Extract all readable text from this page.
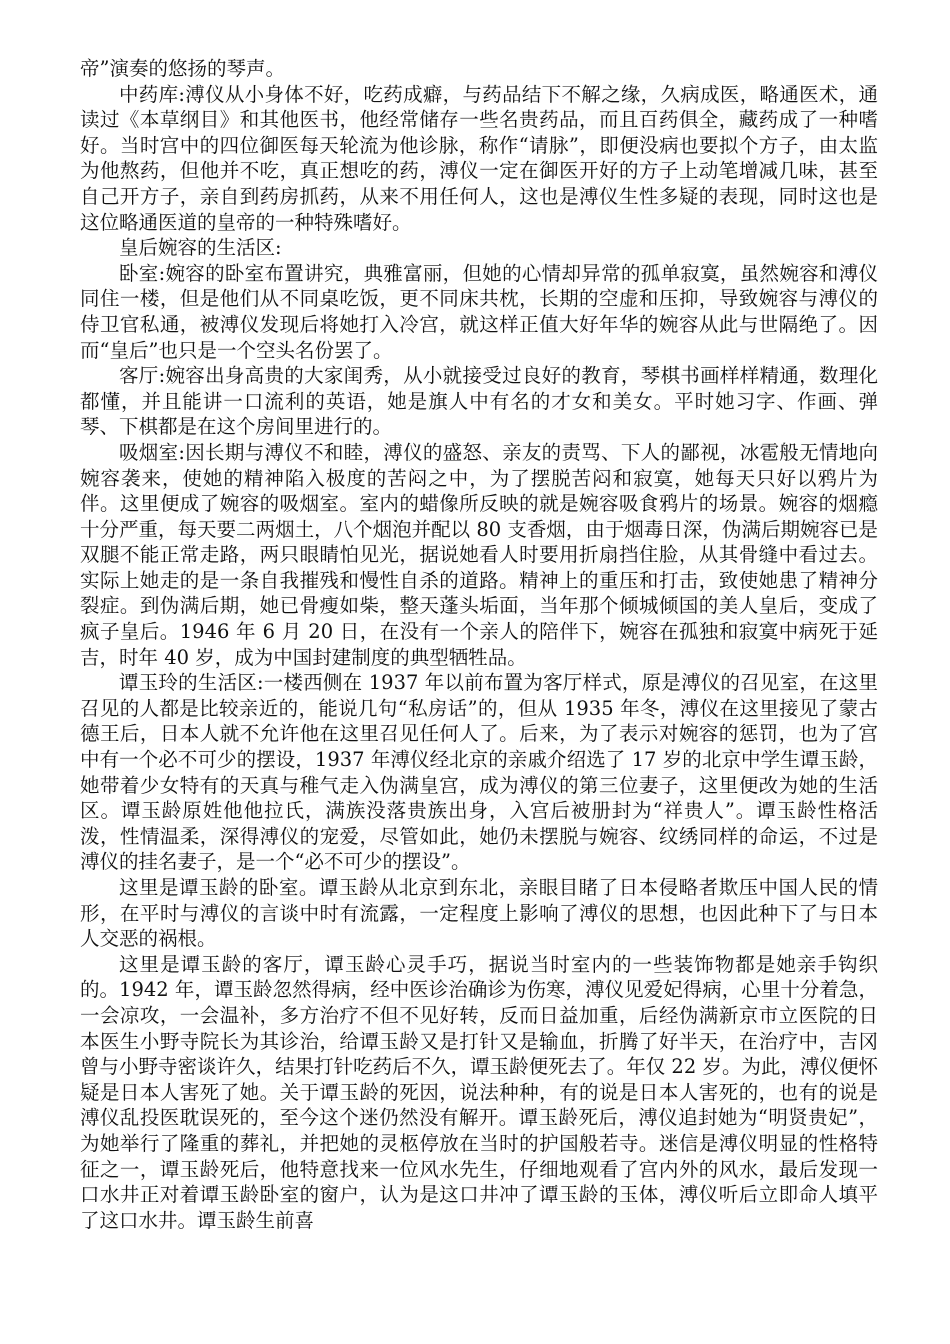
帝”演奏的悠扬的琴声。

中药库:溥仪从小身体不好，吃药成癖，与药品结下不解之缘，久病成医，略通医术，通读过《本草纲目》和其他医书，他经常储存一些名贵药品，而且百药俱全，藏药成了一种嗜好。当时宫中的四位御医每天轮流为他诊脉，称作“请脉”，即便没病也要拟个方子，由太监为他熬药，但他并不吃，真正想吃的药，溥仪一定在御医开好的方子上动笔增减几味，甚至自己开方子，亲自到药房抓药，从来不用任何人，这也是溥仪生性多疑的表现，同时这也是这位略通医道的皇帝的一种特殊嗜好。

皇后婉容的生活区:

卧室:婉容的卧室布置讲究，典雅富丽，但她的心情却异常的孤单寂寞，虽然婉容和溥仪同住一楼，但是他们从不同桌吃饭，更不同床共枕，长期的空虚和压抑，导致婉容与溥仪的侍卫官私通，被溥仪发现后将她打入冷宫，就这样正值大好年华的婉容从此与世隔绝了。因而“皇后”也只是一个空头名份罢了。

客厅:婉容出身高贵的大家闺秀，从小就接受过良好的教育，琴棋书画样样精通，数理化都懂，并且能讲一口流利的英语，她是旗人中有名的才女和美女。平时她习字、作画、弹琴、下棋都是在这个房间里进行的。

吸烟室:因长期与溥仪不和睦，溥仪的盛怒、亲友的责骂、下人的鄙视，冰雹般无情地向婉容袭来，使她的精神陷入极度的苦闷之中，为了摆脱苦闷和寂寞，她每天只好以鸦片为伴。这里便成了婉容的吸烟室。室内的蜡像所反映的就是婉容吸食鸦片的场景。婉容的烟瘾十分严重，每天要二两烟土，八个烟泡并配以 80 支香烟，由于烟毒日深，伪满后期婉容已是双腿不能正常走路，两只眼睛怕见光，据说她看人时要用折扇挡住脸，从其骨缝中看过去。实际上她走的是一条自我摧残和慢性自杀的道路。精神上的重压和打击，致使她患了精神分裂症。到伪满后期，她已骨瘦如柴，整天蓬头垢面，当年那个倾城倾国的美人皇后，变成了疯子皇后。1946 年 6 月 20 日，在没有一个亲人的陪伴下，婉容在孤独和寂寞中病死于延吉，时年 40 岁，成为中国封建制度的典型牺牲品。

谭玉玲的生活区:一楼西侧在 1937 年以前布置为客厅样式，原是溥仪的召见室，在这里召见的人都是比较亲近的，能说几句“私房话”的，但从 1935 年冬，溥仪在这里接见了蒙古德王后，日本人就不允许他在这里召见任何人了。后来，为了表示对婉容的惩罚，也为了宫中有一个必不可少的摆设，1937 年溥仪经北京的亲戚介绍选了 17 岁的北京中学生谭玉龄，她带着少女特有的天真与稚气走入伪满皇宫，成为溥仪的第三位妻子，这里便改为她的生活区。谭玉龄原姓他他拉氏，满族没落贵族出身，入宫后被册封为“祥贵人”。谭玉龄性格活泼，性情温柔，深得溥仪的宠爱，尽管如此，她仍未摆脱与婉容、纹绣同样的命运，不过是溥仪的挂名妻子，是一个“必不可少的摆设”。

这里是谭玉龄的卧室。谭玉龄从北京到东北，亲眼目睹了日本侵略者欺压中国人民的情形，在平时与溥仪的言谈中时有流露，一定程度上影响了溥仪的思想，也因此种下了与日本人交恶的祸根。

这里是谭玉龄的客厅，谭玉龄心灵手巧，据说当时室内的一些装饰物都是她亲手钩织的。1942 年，谭玉龄忽然得病，经中医诊治确诊为伤寒，溥仪见爱妃得病，心里十分着急，一会凉攻，一会温补，多方治疗不但不见好转，反而日益加重，后经伪满新京市立医院的日本医生小野寺院长为其诊治，给谭玉龄又是打针又是输血，折腾了好半天，在治疗中，吉冈曾与小野寺密谈许久，结果打针吃药后不久，谭玉龄便死去了。年仅 22 岁。为此，溥仪便怀疑是日本人害死了她。关于谭玉龄的死因，说法种种，有的说是日本人害死的，也有的说是溥仪乱投医耽误死的，至今这个迷仍然没有解开。谭玉龄死后，溥仪追封她为“明贤贵妃”，为她举行了隆重的葬礼，并把她的灵柩停放在当时的护国般若寺。迷信是溥仪明显的性格特征之一，谭玉龄死后，他特意找来一位风水先生，仔细地观看了宫内外的风水，最后发现一口水井正对着谭玉龄卧室的窗户，认为是这口井冲了谭玉龄的玉体，溥仪听后立即命人填平了这口水井。谭玉龄生前喜
